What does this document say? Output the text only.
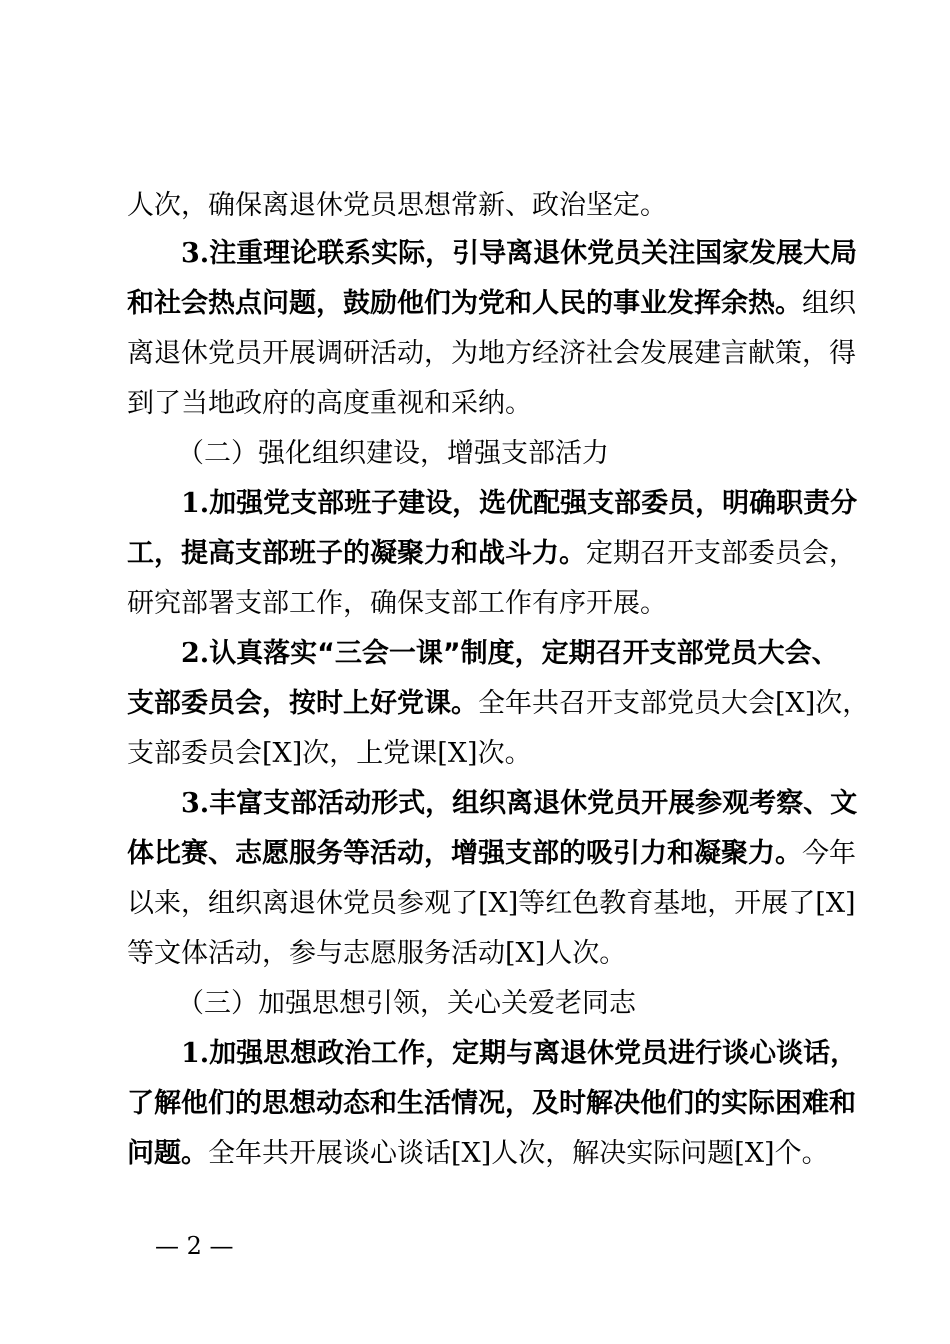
人次，确保离退休党员思想常新、政治坚定。
3.注重理论联系实际，引导离退休党员关注国家发展大局
和社会热点问题，鼓励他们为党和人民的事业发挥余热。组织
离退休党员开展调研活动，为地方经济社会发展建言献策，得
到了当地政府的高度重视和采纳。
（二）强化组织建设，增强支部活力
1.加强党支部班子建设，选优配强支部委员，明确职责分
工，提高支部班子的凝聚力和战斗力。定期召开支部委员会，
研究部署支部工作，确保支部工作有序开展。
2.认真落实“三会一课”制度，定期召开支部党员大会、
支部委员会，按时上好党课。全年共召开支部党员大会[X]次，
支部委员会[X]次，上党课[X]次。
3.丰富支部活动形式，组织离退休党员开展参观考察、文
体比赛、志愿服务等活动，增强支部的吸引力和凝聚力。今年
以来，组织离退休党员参观了[X]等红色教育基地，开展了[X]
等文体活动，参与志愿服务活动[X]人次。
（三）加强思想引领，关心关爱老同志
1.加强思想政治工作，定期与离退休党员进行谈心谈话，
了解他们的思想动态和生活情况，及时解决他们的实际困难和
问题。全年共开展谈心谈话[X]人次，解决实际问题[X]个。
— 2 —
